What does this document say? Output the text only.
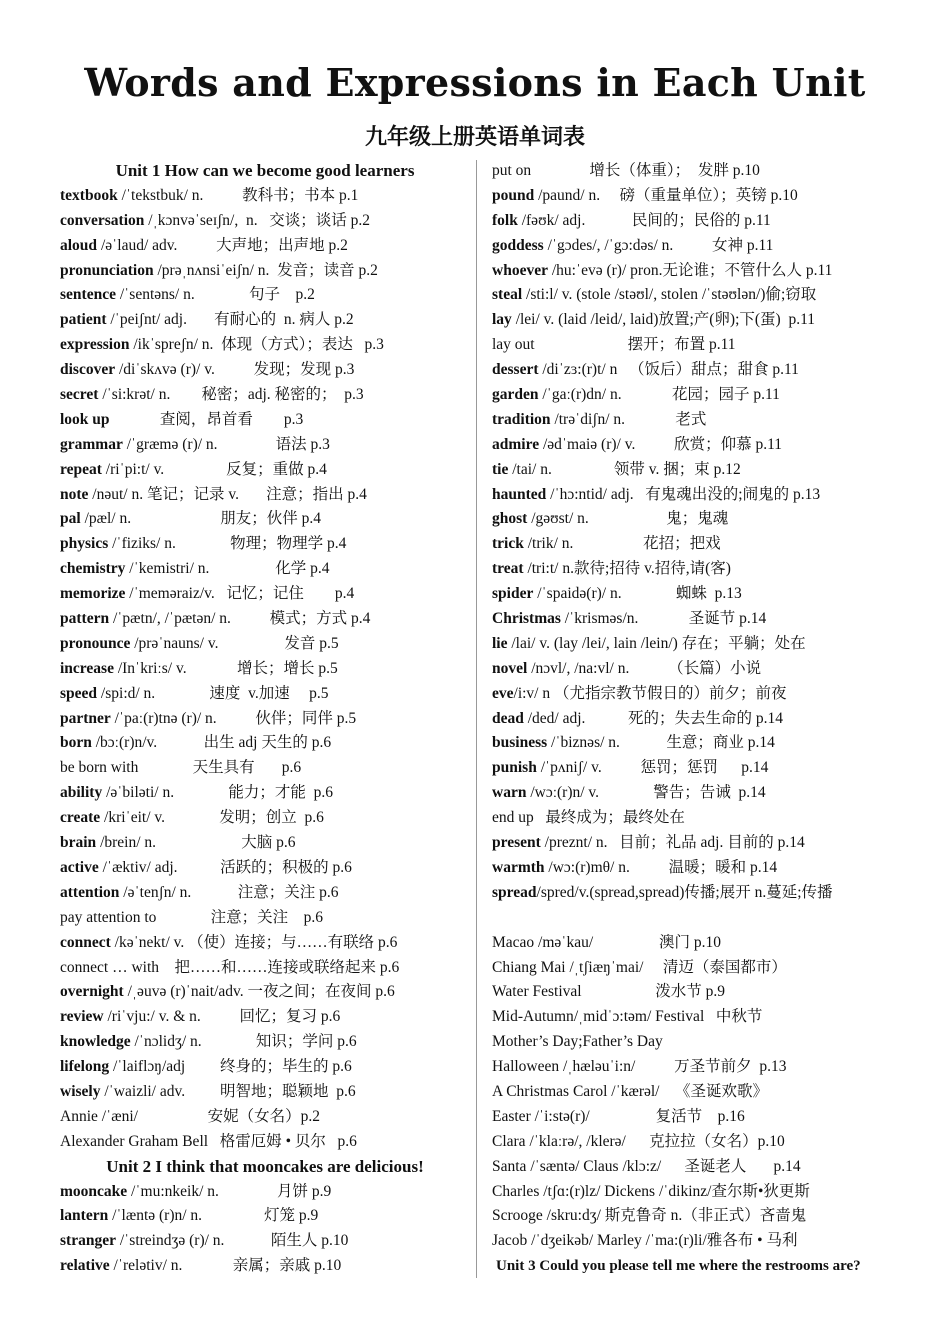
Words and Expressions in Each Unit
九年级上册英语单词表
Unit 1 How can we become good learners
textbook /ˈtekstbuk/ n.          教科书；书本 p.1
conversation /ˌkɔnvəˈseɪʃn/,  n.   交谈；谈话 p.2
aloud /əˈlaud/ adv.          大声地；出声地 p.2
pronunciation /prəˌnʌnsiˈeiʃn/ n.  发音；读音 p.2
sentence /ˈsentəns/ n.              句子    p.2
patient /ˈpeiʃnt/ adj.       有耐心的  n. 病人 p.2
expression /ikˈspreʃn/ n.  体现（方式）；表达   p.3
discover /diˈskʌvə (r)/ v.          发现；发现 p.3
secret /ˈsi:krət/ n.        秘密；adj. 秘密的；  p.3
look up             查阅，昂首看        p.3
grammar /ˈgræmə (r)/ n.               语法 p.3
repeat /riˈpi:t/ v.                反复；重做 p.4
note /nəut/ n. 笔记；记录 v.       注意；指出 p.4
pal /pæl/ n.                       朋友；伙伴 p.4
physics /ˈfiziks/ n.              物理；物理学 p.4
chemistry /ˈkemistri/ n.                 化学 p.4
memorize /ˈmeməraiz/v.   记忆；记住        p.4
pattern /ˈpætn/, /ˈpætən/ n.          模式；方式 p.4
pronounce /prəˈnauns/ v.                 发音 p.5
increase /Inˈkriːs/ v.             增长；增长 p.5
speed /spi:d/ n.              速度  v.加速     p.5
partner /ˈpaː(r)tnə (r)/ n.          伙伴；同伴 p.5
born /bɔː(r)n/v.            出生 adj 天生的 p.6
be born with              天生具有       p.6
ability /əˈbiləti/ n.              能力；才能  p.6
create /kriˈeit/ v.              发明；创立  p.6
brain /brein/ n.                      大脑 p.6
active /ˈæktiv/ adj.           活跃的；积极的 p.6
attention /əˈtenʃn/ n.            注意；关注 p.6
pay attention to              注意；关注    p.6
connect /kəˈnekt/ v. （使）连接；与……有联络 p.6
connect … with    把……和……连接或联络起来 p.6
overnight /ˌəuvə (r)ˈnait/adv. 一夜之间；在夜间 p.6
review /riˈvju:/ v. & n.          回忆；复习 p.6
knowledge /ˈnɔlidʒ/ n.              知识；学问 p.6
lifelong /ˈlaiflɔŋ/adj         终身的；毕生的 p.6
wisely /ˈwaizli/ adv.         明智地；聪颖地  p.6
Annie /ˈæni/                  安妮（女名）p.2
Alexander Graham Bell   格雷厄姆 • 贝尔   p.6
Unit 2 I think that mooncakes are delicious!
mooncake /ˈmu:nkeik/ n.               月饼 p.9
lantern /ˈlæntə (r)n/ n.                灯笼 p.9
stranger /ˈstreindʒə (r)/ n.            陌生人 p.10
relative /ˈrelətiv/ n.             亲属；亲戚 p.10
put on               增长（体重）；  发胖 p.10
pound /paund/ n.     磅（重量单位）；英镑 p.10
folk /fəʊk/ adj.            民间的；民俗的 p.11
goddess /ˈgɔdes/, /ˈgɔ:dəs/ n.          女神 p.11
whoever /hu:ˈevə (r)/ pron.无论谁；不管什么人 p.11
steal /sti:l/ v. (stole /stəʊl/, stolen /ˈstəʊlən/)偷;窃取
lay /lei/ v. (laid /leid/, laid)放置;产(卵);下(蛋)  p.11
lay out                        摆开；布置 p.11
dessert /diˈzɜ:(r)t/ n   （饭后）甜点；甜食 p.11
garden /ˈgaː(r)dn/ n.             花园；园子 p.11
tradition /trəˈdiʃn/ n.             老式
admire /ədˈmaiə (r)/ v.          欣赏；仰慕 p.11
tie /tai/ n.                领带 v. 捆；束 p.12
haunted /ˈhɔ:ntid/ adj.   有鬼魂出没的;闹鬼的 p.13
ghost /gəʊst/ n.                    鬼；鬼魂
trick /trik/ n.                  花招；把戏
treat /tri:t/ n.款待;招待 v.招待,请(客)
spider /ˈspaidə(r)/ n.              蜘蛛  p.13
Christmas /ˈkrisməs/n.             圣诞节 p.14
lie /lai/ v. (lay /lei/, lain /lein/) 存在；平躺；处在
novel /nɔvl/, /na:vl/ n.          （长篇）小说
eve/i:v/ n （尤指宗教节假日的）前夕；前夜
dead /ded/ adj.           死的；失去生命的 p.14
business /ˈbiznəs/ n.            生意；商业 p.14
punish /ˈpʌniʃ/ v.          惩罚；惩罚      p.14
warn /wɔː(r)n/ v.              警告；告诫  p.14
end up   最终成为；最终处在
present /preznt/ n.   目前；礼品 adj. 目前的 p.14
warmth /wɔ:(r)mθ/ n.          温暖；暖和 p.14
spread/spred/v.(spread,spread)传播;展开 n.蔓延;传播
Macao /məˈkau/                 澳门 p.10
Chiang Mai /ˌtʃiæŋˈmai/     清迈（泰国都市）
Water Festival                   泼水节 p.9
Mid-Autumn/ˌmidˈɔ:təm/ Festival   中秋节
Mother’s Day;Father’s Day
Halloween /ˌhæləuˈi:n/          万圣节前夕  p.13
A Christmas Carol /ˈkærəl/    《圣诞欢歌》
Easter /ˈi:stə(r)/                 复活节    p.16
Clara /ˈklaːrə/, /klerə/      克拉拉（女名）p.10
Santa /ˈsæntə/ Claus /klɔ:z/      圣诞老人       p.14
Charles /tʃɑ:(r)lz/ Dickens /ˈdikinz/查尔斯•狄更斯
Scrooge /skru:dʒ/ 斯克鲁奇 n.（非正式）吝啬鬼
Jacob /ˈdʒeikəb/ Marley /ˈma:(r)li/雅各布 • 马利
Unit 3 Could you please tell me where the restrooms are?
